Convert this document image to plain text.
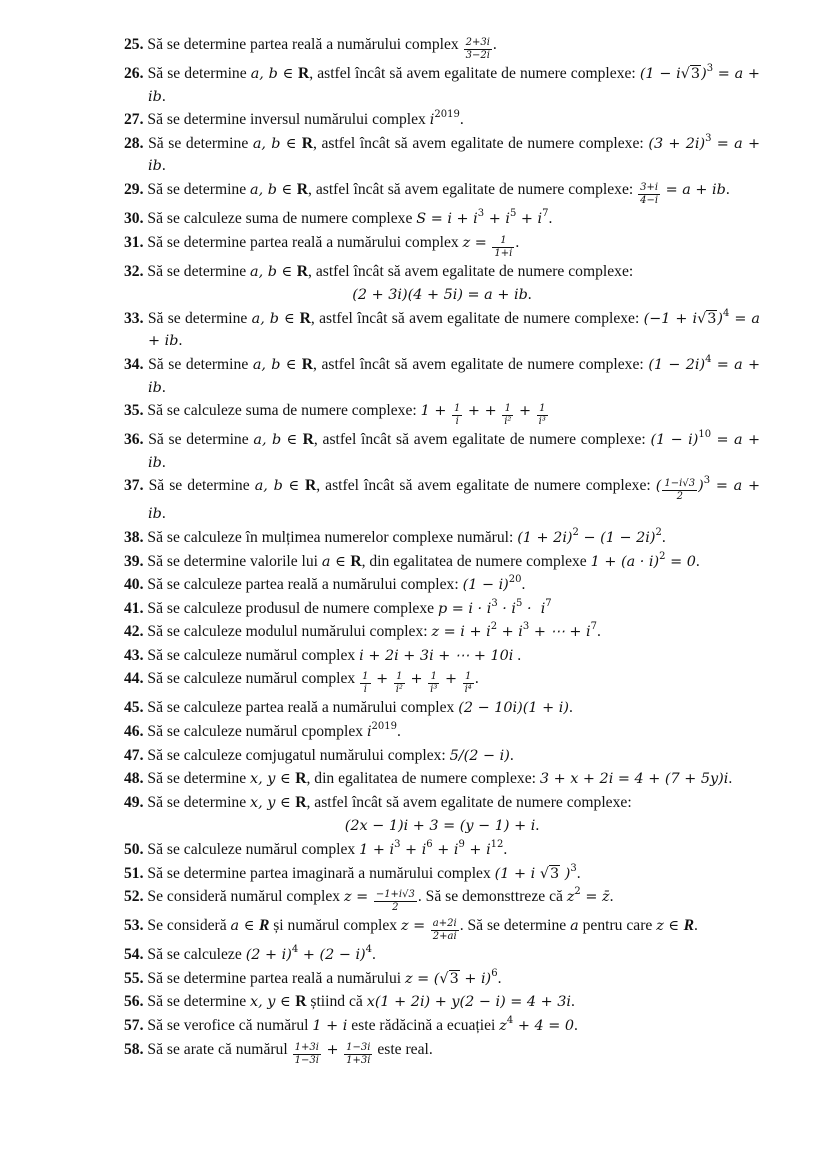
25. Să se determine partea reală a numărului complex $\frac{2+3i}{3-2i}$ .
26. Să se determine a, b ∈ R, astfel încât să avem egalitate de numere complexe: $(1 - i√3)^3 = a$ + ib.
27. Să se determine inversul numărului complex $i^{2019}$.
28. Să se determine a, b ∈ R, astfel încât să avem egalitate de numere complexe: $(3 + 2i)^3 = a$ + ib.
29. Să se determine a, b ∈ R, astfel încât să avem egalitate de numere complexe: $\frac{3+i}{4-i} = a$ + ib.
30. Să se calculeze suma de numere complexe $S = i + i^3 + i^5 + i^7$.
31. Să se determine partea reală a numărului complex $z = \frac{1}{1+i}$ .
32. Să se determine a, b ∈ R, astfel încât să avem egalitate de numere complexe:
(2 + 3i)(4 + 5i) = a + ib.
33. Să se determine a, b ∈ R, astfel încât să avem egalitate de numere complexe: $(-1 + i√3)^4 = a$ + ib.
34. Să se determine a, b ∈ R, astfel încât să avem egalitate de numere complexe: $(1 - 2i)^4 = a$ + ib.
35. Să se calculeze suma de numere complexe: $1 + \frac{1}{i}$ + + $\frac{1}{\text{i²}} + \frac{1}{\text{i³}}$
36. Să se determine a, b ∈ R, astfel încât să avem egalitate de numere complexe: $(1 - i)^{10} = a$ + ib.
37. Să se determine a, b ∈ R, astfel încât să avem egalitate de numere complexe: ( $\frac{1-i√3}{2} )^3 = a$ + ib.
38. Să se calculeze în mulțimea numerelor complexe numărul: $(1 + 2i)^2 - (1 - 2i)^2$.
39. Să se determine valorile lui a ∈ R, din egalitatea de numere complexe $1 + (a \cdot i)^2 = 0$.
40. Să se calculeze partea reală a numărului complex: $(1 - i)^{20}$.
41. Să se calculeze produsul de numere complexe $p = i \cdot i^3 \cdot i^5 \cdot i^7$
42. Să se calculeze modulul numărului complex: $z = i + i^2 + i^3$ + ⋯ + $i^7$.
43. Să se calculeze numărul complex i + 2i + 3i + ⋯ + 10i .
44. Să se calculeze numărul complex $\frac{1}{i} + \frac{1}{\text{i²}} + \frac{1}{\text{i³}} + \frac{1}{\text{i⁴}}$ .
45. Să se calculeze partea reală a numărului complex (2 − 10i)(1 + i).
46. Să se calculeze numărul cpomplex $i^{2019}$.
47. Să se calculeze comjugatul numărului complex: 5/(2 − i).
48. Să se determine x, y ∈ R, din egalitatea de numere complexe: 3 + x + 2i = 4 + (7 + 5y)i.
49. Să se determine x, y ∈ R, astfel încât să avem egalitate de numere complexe:
(2x − 1)i + 3 = (y − 1) + i.
50. Să se calculeze numărul complex $1 + i^3 + i^6 + i^9 + i^{12}$.
51. Să se determine partea imaginară a numărului complex (1 + i √3 )$^3$.
52. Se consideră numărul complex $z = \frac{-1+i√3}{2}$ . Să se demonsttreze că $z^2$ = z̄.
53. Se consideră a ∈ R și numărul complex $z = \frac{a+2i}{2+ai}$ . Să se determine a pentru care z ∈ R.
54. Să se calculeze $(2 + i)^4 + (2 - i)^4$.
55. Să se determine partea reală a numărului $z = (√3 + i)^6$.
56. Să se determine x, y ∈ R știind că x(1 + 2i) + y(2 − i) = 4 + 3i.
57. Să se verofice că numărul 1 + i este rădăcină a ecuației $z^4 + 4 = 0$.
58. Să se arate că numărul $\frac{1+3i}{1-3i} + \frac{1-3i}{1+3i}$ este real.
